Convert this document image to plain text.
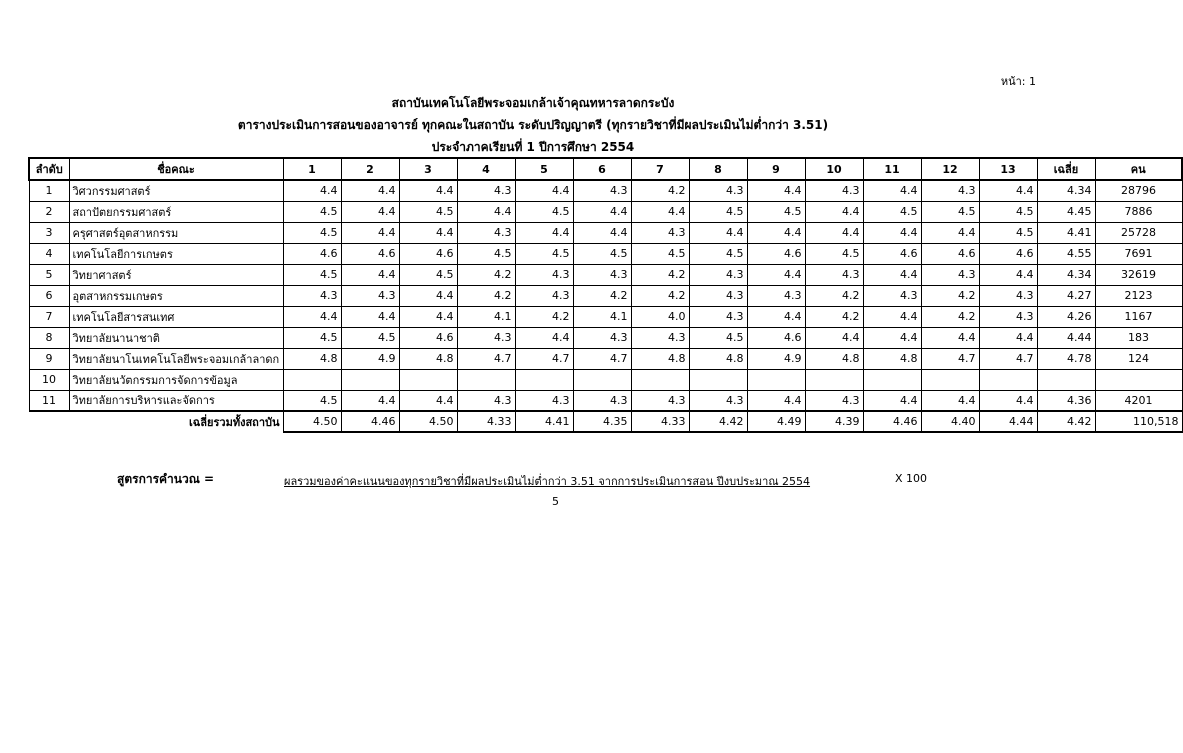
หน้า: 1
สถาบันเทคโนโลยีพระจอมเกล้าเจ้าคุณทหารลาดกระบัง
ตารางประเมินการสอนของอาจารย์ ทุกคณะในสถาบัน ระดับปริญญาตรี (ทุกรายวิชาที่มีผลประเมินไม่ต่ำกว่า 3.51)
ประจำภาคเรียนที่ 1 ปีการศึกษา 2554
ลำดับ	ชื่อคณะ	1	2	3	4	5	6	7	8	9	10	11	12	13	เฉลี่ย	คน
1	วิศวกรรมศาสตร์	4.4	4.4	4.4	4.3	4.4	4.3	4.2	4.3	4.4	4.3	4.4	4.3	4.4	4.34	28796
2	สถาปัตยกรรมศาสตร์	4.5	4.4	4.5	4.4	4.5	4.4	4.4	4.5	4.5	4.4	4.5	4.5	4.5	4.45	7886
3	ครุศาสตร์อุตสาหกรรม	4.5	4.4	4.4	4.3	4.4	4.4	4.3	4.4	4.4	4.4	4.4	4.4	4.5	4.41	25728
4	เทคโนโลยีการเกษตร	4.6	4.6	4.6	4.5	4.5	4.5	4.5	4.5	4.6	4.5	4.6	4.6	4.6	4.55	7691
5	วิทยาศาสตร์	4.5	4.4	4.5	4.2	4.3	4.3	4.2	4.3	4.4	4.3	4.4	4.3	4.4	4.34	32619
6	อุตสาหกรรมเกษตร	4.3	4.3	4.4	4.2	4.3	4.2	4.2	4.3	4.3	4.2	4.3	4.2	4.3	4.27	2123
7	เทคโนโลยีสารสนเทศ	4.4	4.4	4.4	4.1	4.2	4.1	4.0	4.3	4.4	4.2	4.4	4.2	4.3	4.26	1167
8	วิทยาลัยนานาชาติ	4.5	4.5	4.6	4.3	4.4	4.3	4.3	4.5	4.6	4.4	4.4	4.4	4.4	4.44	183
9	วิทยาลัยนาโนเทคโนโลยีพระจอมเกล้าลาดก	4.8	4.9	4.8	4.7	4.7	4.7	4.8	4.8	4.9	4.8	4.8	4.7	4.7	4.78	124
10	วิทยาลัยนวัตกรรมการจัดการข้อมูล															
11	วิทยาลัยการบริหารและจัดการ	4.5	4.4	4.4	4.3	4.3	4.3	4.3	4.3	4.4	4.3	4.4	4.4	4.4	4.36	4201
	เฉลี่ยรวมทั้งสถาบัน	4.50	4.46	4.50	4.33	4.41	4.35	4.33	4.42	4.49	4.39	4.46	4.40	4.44	4.42	110,518
สูตรการคำนวณ =	ผลรวมของค่าคะแนนของทุกรายวิชาที่มีผลประเมินไม่ต่ำกว่า 3.51 จากการประเมินการสอน ปีงบประมาณ 2554
5
X 100
